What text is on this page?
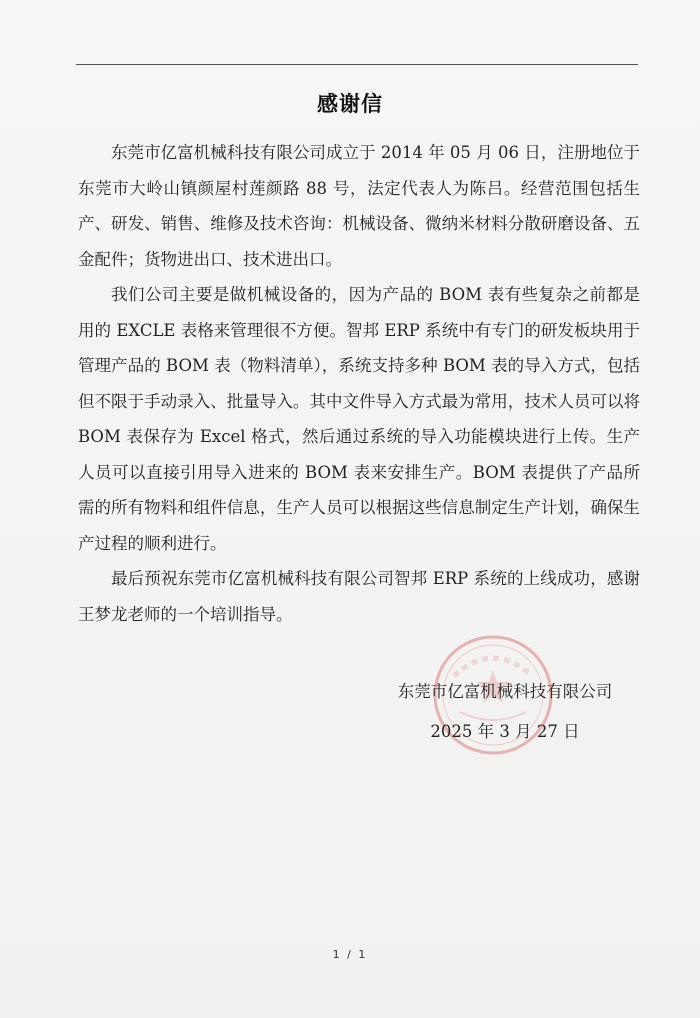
感谢信

东莞市亿富机械科技有限公司成立于 2014 年 05 月 06 日，注册地位于东莞市大岭山镇颜屋村莲颜路 88 号，法定代表人为陈吕。经营范围包括生产、研发、销售、维修及技术咨询：机械设备、微纳米材料分散研磨设备、五金配件；货物进出口、技术进出口。

我们公司主要是做机械设备的，因为产品的 BOM 表有些复杂之前都是用的 EXCLE 表格来管理很不方便。智邦 ERP 系统中有专门的研发板块用于管理产品的 BOM 表（物料清单），系统支持多种 BOM 表的导入方式，包括但不限于手动录入、批量导入。其中文件导入方式最为常用，技术人员可以将 BOM 表保存为 Excel 格式，然后通过系统的导入功能模块进行上传。生产人员可以直接引用导入进来的 BOM 表来安排生产。BOM 表提供了产品所需的所有物料和组件信息，生产人员可以根据这些信息制定生产计划，确保生产过程的顺利进行。

最后预祝东莞市亿富机械科技有限公司智邦 ERP 系统的上线成功，感谢王梦龙老师的一个培训指导。

东莞市亿富机械科技有限公司
2025 年 3 月 27 日
1 / 1
